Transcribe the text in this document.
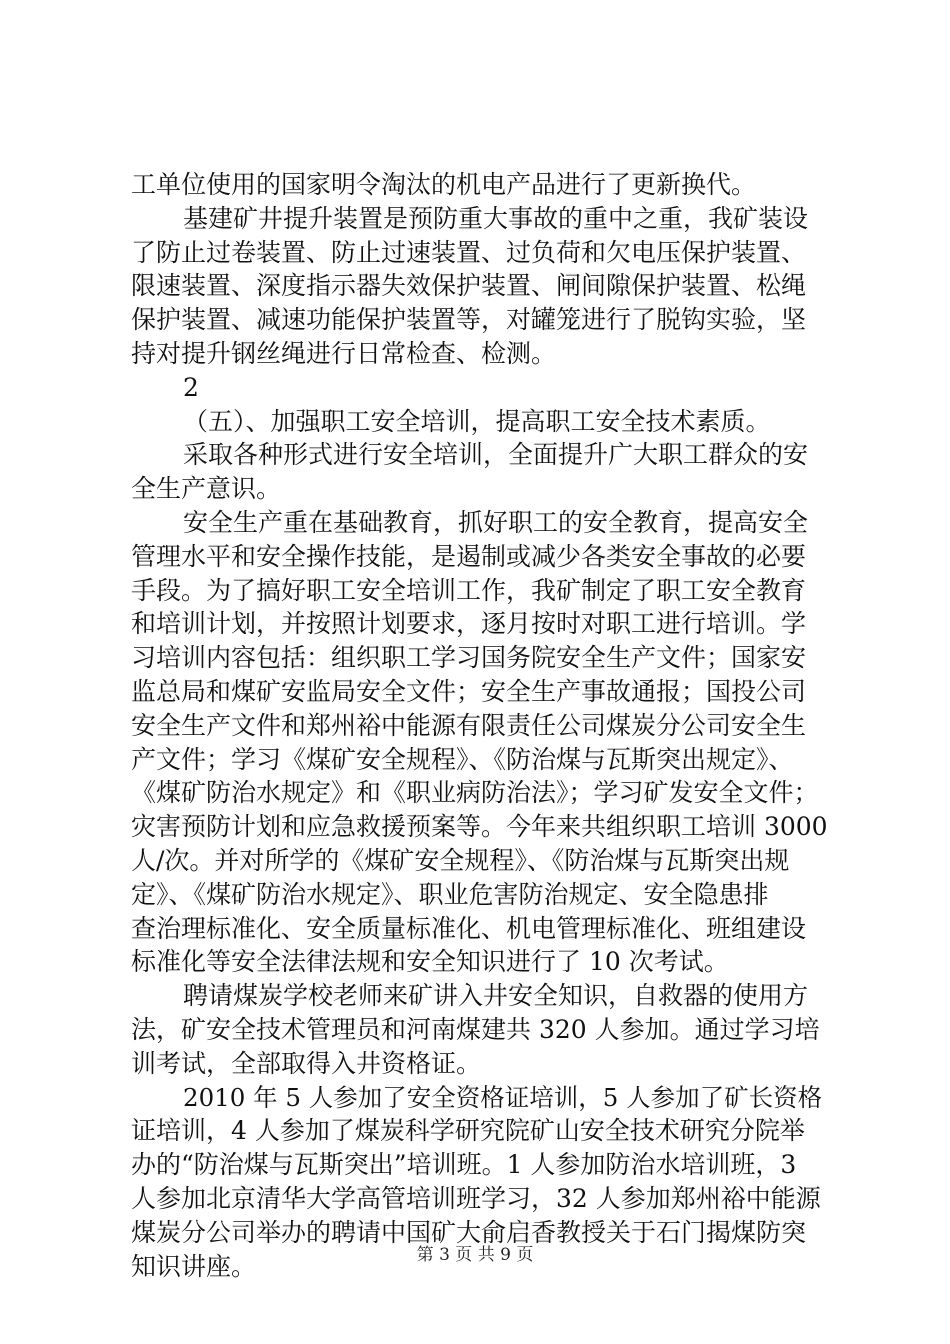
工单位使用的国家明令淘汰的机电产品进行了更新换代。
基建矿井提升装置是预防重大事故的重中之重，我矿装设
了防止过卷装置、防止过速装置、过负荷和欠电压保护装置、
限速装置、深度指示器失效保护装置、闸间隙保护装置、松绳
保护装置、减速功能保护装置等，对罐笼进行了脱钩实验，坚
持对提升钢丝绳进行日常检查、检测。
2
（五）、加强职工安全培训，提高职工安全技术素质。
采取各种形式进行安全培训，全面提升广大职工群众的安
全生产意识。
安全生产重在基础教育，抓好职工的安全教育，提高安全
管理水平和安全操作技能，是遏制或减少各类安全事故的必要
手段。为了搞好职工安全培训工作，我矿制定了职工安全教育
和培训计划，并按照计划要求，逐月按时对职工进行培训。学
习培训内容包括：组织职工学习国务院安全生产文件；国家安
监总局和煤矿安监局安全文件；安全生产事故通报；国投公司
安全生产文件和郑州裕中能源有限责任公司煤炭分公司安全生
产文件；学习《煤矿安全规程》、《防治煤与瓦斯突出规定》、
《煤矿防治水规定》和《职业病防治法》；学习矿发安全文件；
灾害预防计划和应急救援预案等。今年来共组织职工培训 3000
人/次。并对所学的《煤矿安全规程》、《防治煤与瓦斯突出规
定》、《煤矿防治水规定》、职业危害防治规定、安全隐患排
查治理标准化、安全质量标准化、机电管理标准化、班组建设
标准化等安全法律法规和安全知识进行了 10 次考试。
聘请煤炭学校老师来矿讲入井安全知识，自救器的使用方
法，矿安全技术管理员和河南煤建共 320 人参加。通过学习培
训考试，全部取得入井资格证。
2010 年 5 人参加了安全资格证培训，5 人参加了矿长资格
证培训，4 人参加了煤炭科学研究院矿山安全技术研究分院举
办的“防治煤与瓦斯突出”培训班。1 人参加防治水培训班，3
人参加北京清华大学高管培训班学习，32 人参加郑州裕中能源
煤炭分公司举办的聘请中国矿大俞启香教授关于石门揭煤防突
知识讲座。	第 3 页 共 9 页
